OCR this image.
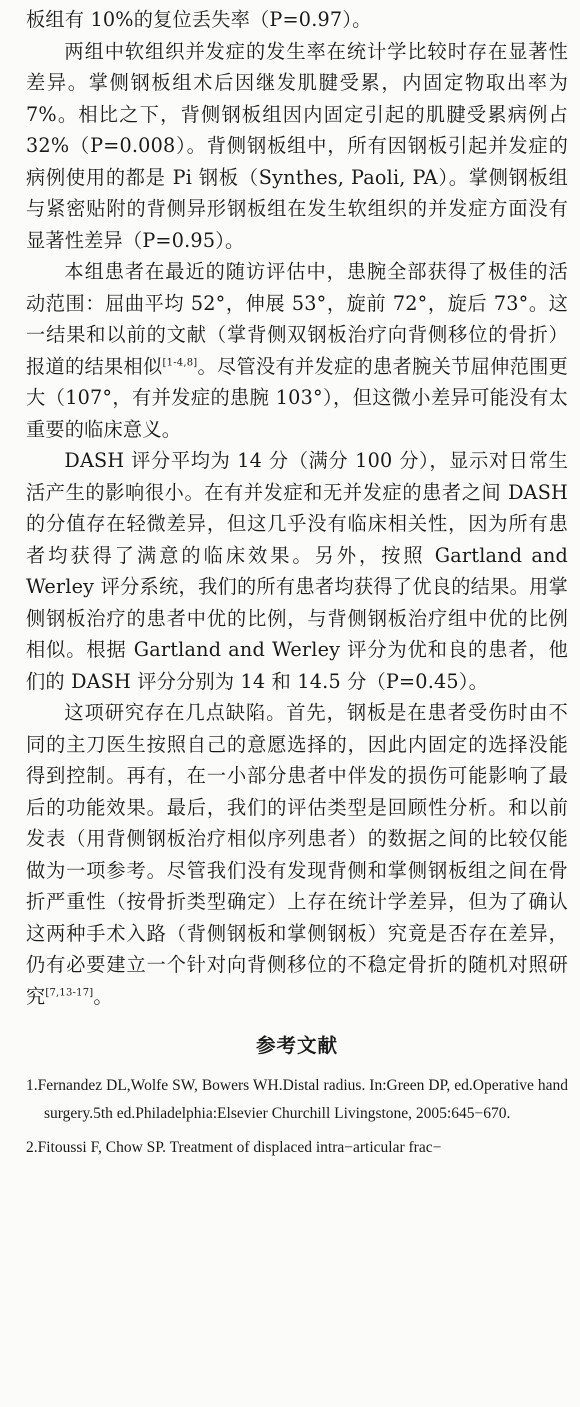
板组有 10%的复位丢失率（P=0.97）。

两组中软组织并发症的发生率在统计学比较时存在显著性差异。掌侧钢板组术后因继发肌腱受累，内固定物取出率为 7%。相比之下，背侧钢板组因内固定引起的肌腱受累病例占 32%（P=0.008）。背侧钢板组中，所有因钢板引起并发症的病例使用的都是 Pi 钢板（Synthes, Paoli, PA）。掌侧钢板组与紧密贴附的背侧异形钢板组在发生软组织的并发症方面没有显著性差异（P=0.95）。

本组患者在最近的随访评估中，患腕全部获得了极佳的活动范围：屈曲平均 52°，伸展 53°，旋前 72°，旋后 73°。这一结果和以前的文献（掌背侧双钢板治疗向背侧移位的骨折）报道的结果相似[1-4,8]。尽管没有并发症的患者腕关节屈伸范围更大（107°，有并发症的患腕 103°），但这微小差异可能没有太重要的临床意义。

DASH 评分平均为 14 分（满分 100 分），显示对日常生活产生的影响很小。在有并发症和无并发症的患者之间 DASH 的分值存在轻微差异，但这几乎没有临床相关性，因为所有患者均获得了满意的临床效果。另外，按照 Gartland and Werley 评分系统，我们的所有患者均获得了优良的结果。用掌侧钢板治疗的患者中优的比例，与背侧钢板治疗组中优的比例相似。根据 Gartland and Werley 评分为优和良的患者，他们的 DASH 评分分别为 14 和 14.5 分（P=0.45）。

这项研究存在几点缺陷。首先，钢板是在患者受伤时由不同的主刀医生按照自己的意愿选择的，因此内固定的选择没能得到控制。再有，在一小部分患者中伴发的损伤可能影响了最后的功能效果。最后，我们的评估类型是回顾性分析。和以前发表（用背侧钢板治疗相似序列患者）的数据之间的比较仅能做为一项参考。尽管我们没有发现背侧和掌侧钢板组之间在骨折严重性（按骨折类型确定）上存在统计学差异，但为了确认这两种手术入路（背侧钢板和掌侧钢板）究竟是否存在差异，仍有必要建立一个针对向背侧移位的不稳定骨折的随机对照研究[7,13-17]。

参考文献

1.Fernandez DL,Wolfe SW, Bowers WH.Distal radius. In:Green DP, ed.Operative hand surgery.5th ed.Philadelphia:Elsevier Churchill Livingstone, 2005:645−670.

2.Fitoussi F, Chow SP. Treatment of displaced intra−articular frac−
